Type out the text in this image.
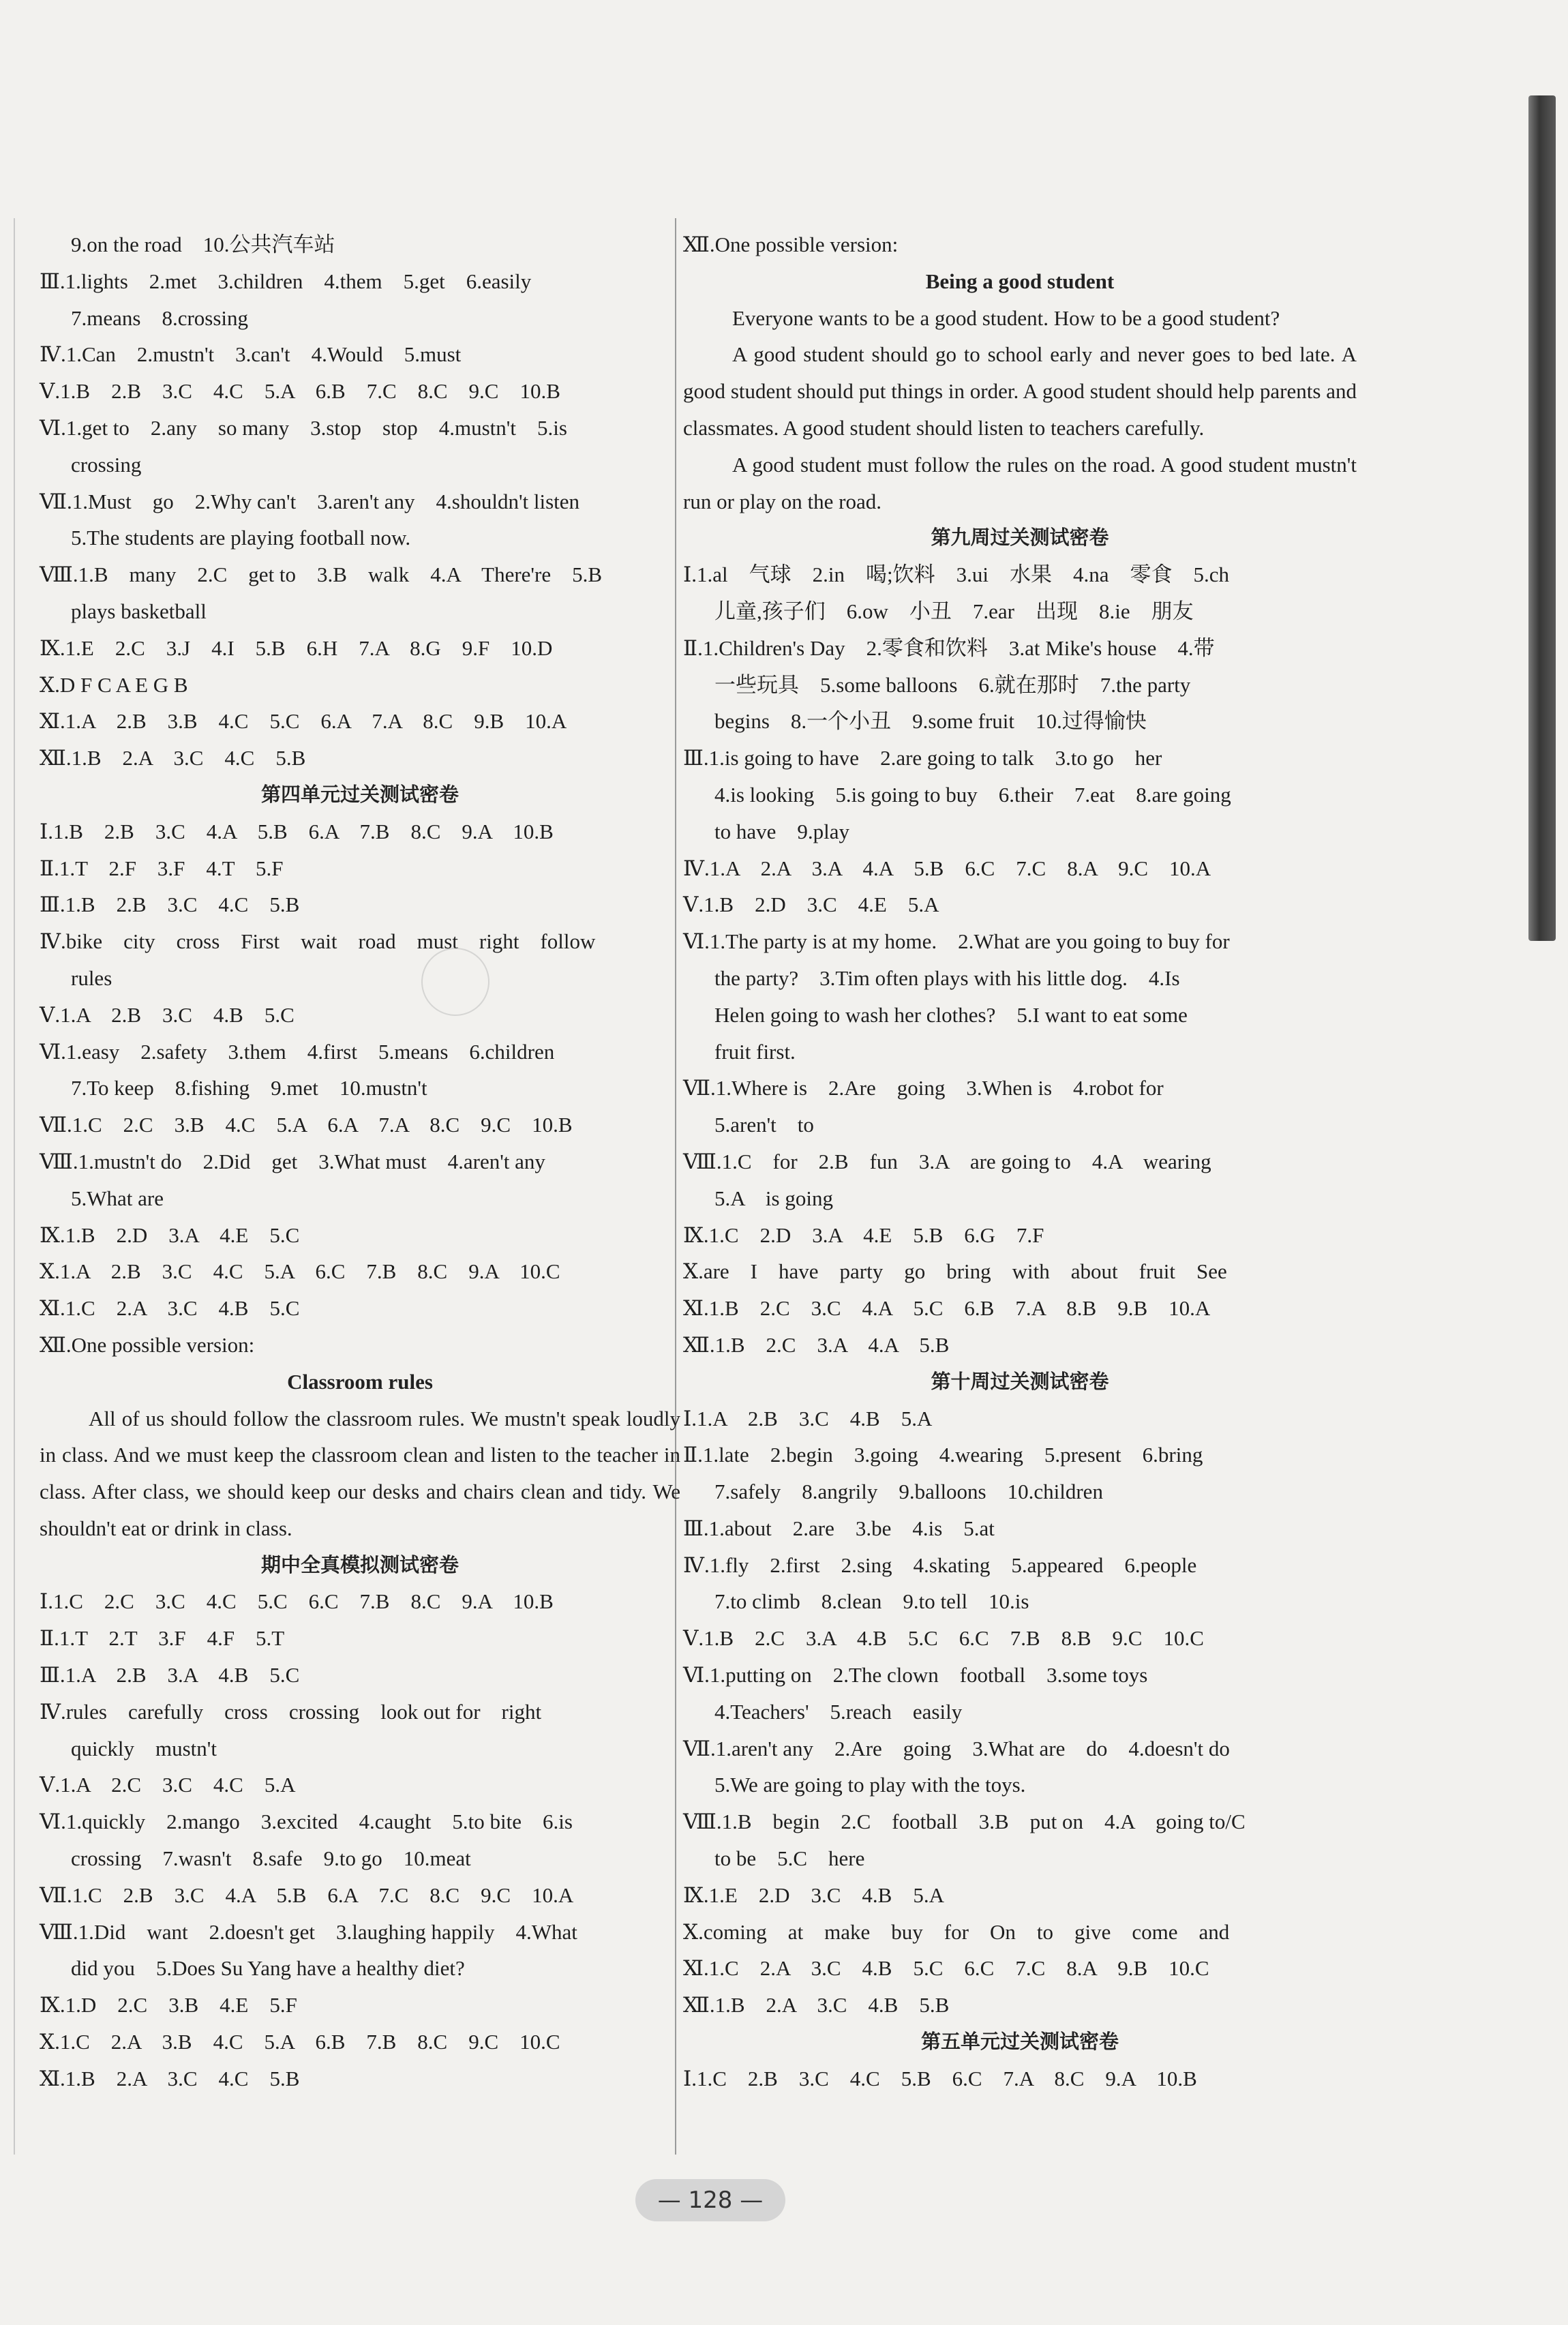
9.on the road　10.公共汽车站
Ⅲ.1.lights　2.met　3.children　4.them　5.get　6.easily
7.means　8.crossing
Ⅳ.1.Can　2.mustn't　3.can't　4.Would　5.must
Ⅴ.1.B　2.B　3.C　4.C　5.A　6.B　7.C　8.C　9.C　10.B
Ⅵ.1.get to　2.any　so many　3.stop　stop　4.mustn't　5.is
crossing
Ⅶ.1.Must　go　2.Why can't　3.aren't any　4.shouldn't listen
5.The students are playing football now.
Ⅷ.1.B　many　2.C　get to　3.B　walk　4.A　There're　5.B
plays basketball
Ⅸ.1.E　2.C　3.J　4.I　5.B　6.H　7.A　8.G　9.F　10.D
Ⅹ.D F C A E G B
Ⅺ.1.A　2.B　3.B　4.C　5.C　6.A　7.A　8.C　9.B　10.A
Ⅻ.1.B　2.A　3.C　4.C　5.B
第四单元过关测试密卷
Ⅰ.1.B　2.B　3.C　4.A　5.B　6.A　7.B　8.C　9.A　10.B
Ⅱ.1.T　2.F　3.F　4.T　5.F
Ⅲ.1.B　2.B　3.C　4.C　5.B
Ⅳ.bike　city　cross　First　wait　road　must　right　follow
rules
Ⅴ.1.A　2.B　3.C　4.B　5.C
Ⅵ.1.easy　2.safety　3.them　4.first　5.means　6.children
7.To keep　8.fishing　9.met　10.mustn't
Ⅶ.1.C　2.C　3.B　4.C　5.A　6.A　7.A　8.C　9.C　10.B
Ⅷ.1.mustn't do　2.Did　get　3.What must　4.aren't any
5.What are
Ⅸ.1.B　2.D　3.A　4.E　5.C
Ⅹ.1.A　2.B　3.C　4.C　5.A　6.C　7.B　8.C　9.A　10.C
Ⅺ.1.C　2.A　3.C　4.B　5.C
Ⅻ.One possible version:
Classroom rules
All of us should follow the classroom rules. We mustn't speak loudly in class. And we must keep the classroom clean and listen to the teacher in class. After class, we should keep our desks and chairs clean and tidy. We shouldn't eat or drink in class.
期中全真模拟测试密卷
Ⅰ.1.C　2.C　3.C　4.C　5.C　6.C　7.B　8.C　9.A　10.B
Ⅱ.1.T　2.T　3.F　4.F　5.T
Ⅲ.1.A　2.B　3.A　4.B　5.C
Ⅳ.rules　carefully　cross　crossing　look out for　right
quickly　mustn't
Ⅴ.1.A　2.C　3.C　4.C　5.A
Ⅵ.1.quickly　2.mango　3.excited　4.caught　5.to bite　6.is
crossing　7.wasn't　8.safe　9.to go　10.meat
Ⅶ.1.C　2.B　3.C　4.A　5.B　6.A　7.C　8.C　9.C　10.A
Ⅷ.1.Did　want　2.doesn't get　3.laughing happily　4.What
did you　5.Does Su Yang have a healthy diet?
Ⅸ.1.D　2.C　3.B　4.E　5.F
Ⅹ.1.C　2.A　3.B　4.C　5.A　6.B　7.B　8.C　9.C　10.C
Ⅺ.1.B　2.A　3.C　4.C　5.B
Ⅻ.One possible version:
Being a good student
Everyone wants to be a good student. How to be a good student?
A good student should go to school early and never goes to bed late. A good student should put things in order. A good student should help parents and classmates. A good student should listen to teachers carefully.
A good student must follow the rules on the road. A good student mustn't run or play on the road.
第九周过关测试密卷
Ⅰ.1.al　气球　2.in　喝;饮料　3.ui　水果　4.na　零食　5.ch
儿童,孩子们　6.ow　小丑　7.ear　出现　8.ie　朋友
Ⅱ.1.Children's Day　2.零食和饮料　3.at Mike's house　4.带
一些玩具　5.some balloons　6.就在那时　7.the party
begins　8.一个小丑　9.some fruit　10.过得愉快
Ⅲ.1.is going to have　2.are going to talk　3.to go　her
4.is looking　5.is going to buy　6.their　7.eat　8.are going
to have　9.play
Ⅳ.1.A　2.A　3.A　4.A　5.B　6.C　7.C　8.A　9.C　10.A
Ⅴ.1.B　2.D　3.C　4.E　5.A
Ⅵ.1.The party is at my home.　2.What are you going to buy for
the party?　3.Tim often plays with his little dog.　4.Is
Helen going to wash her clothes?　5.I want to eat some
fruit first.
Ⅶ.1.Where is　2.Are　going　3.When is　4.robot for
5.aren't　to
Ⅷ.1.C　for　2.B　fun　3.A　are going to　4.A　wearing
5.A　is going
Ⅸ.1.C　2.D　3.A　4.E　5.B　6.G　7.F
Ⅹ.are　I　have　party　go　bring　with　about　fruit　See
Ⅺ.1.B　2.C　3.C　4.A　5.C　6.B　7.A　8.B　9.B　10.A
Ⅻ.1.B　2.C　3.A　4.A　5.B
第十周过关测试密卷
Ⅰ.1.A　2.B　3.C　4.B　5.A
Ⅱ.1.late　2.begin　3.going　4.wearing　5.present　6.bring
7.safely　8.angrily　9.balloons　10.children
Ⅲ.1.about　2.are　3.be　4.is　5.at
Ⅳ.1.fly　2.first　2.sing　4.skating　5.appeared　6.people
7.to climb　8.clean　9.to tell　10.is
Ⅴ.1.B　2.C　3.A　4.B　5.C　6.C　7.B　8.B　9.C　10.C
Ⅵ.1.putting on　2.The clown　football　3.some toys
4.Teachers'　5.reach　easily
Ⅶ.1.aren't any　2.Are　going　3.What are　do　4.doesn't do
5.We are going to play with the toys.
Ⅷ.1.B　begin　2.C　football　3.B　put on　4.A　going to/C
to be　5.C　here
Ⅸ.1.E　2.D　3.C　4.B　5.A
Ⅹ.coming　at　make　buy　for　On　to　give　come　and
Ⅺ.1.C　2.A　3.C　4.B　5.C　6.C　7.C　8.A　9.B　10.C
Ⅻ.1.B　2.A　3.C　4.B　5.B
第五单元过关测试密卷
Ⅰ.1.C　2.B　3.C　4.C　5.B　6.C　7.A　8.C　9.A　10.B
— 128 —
